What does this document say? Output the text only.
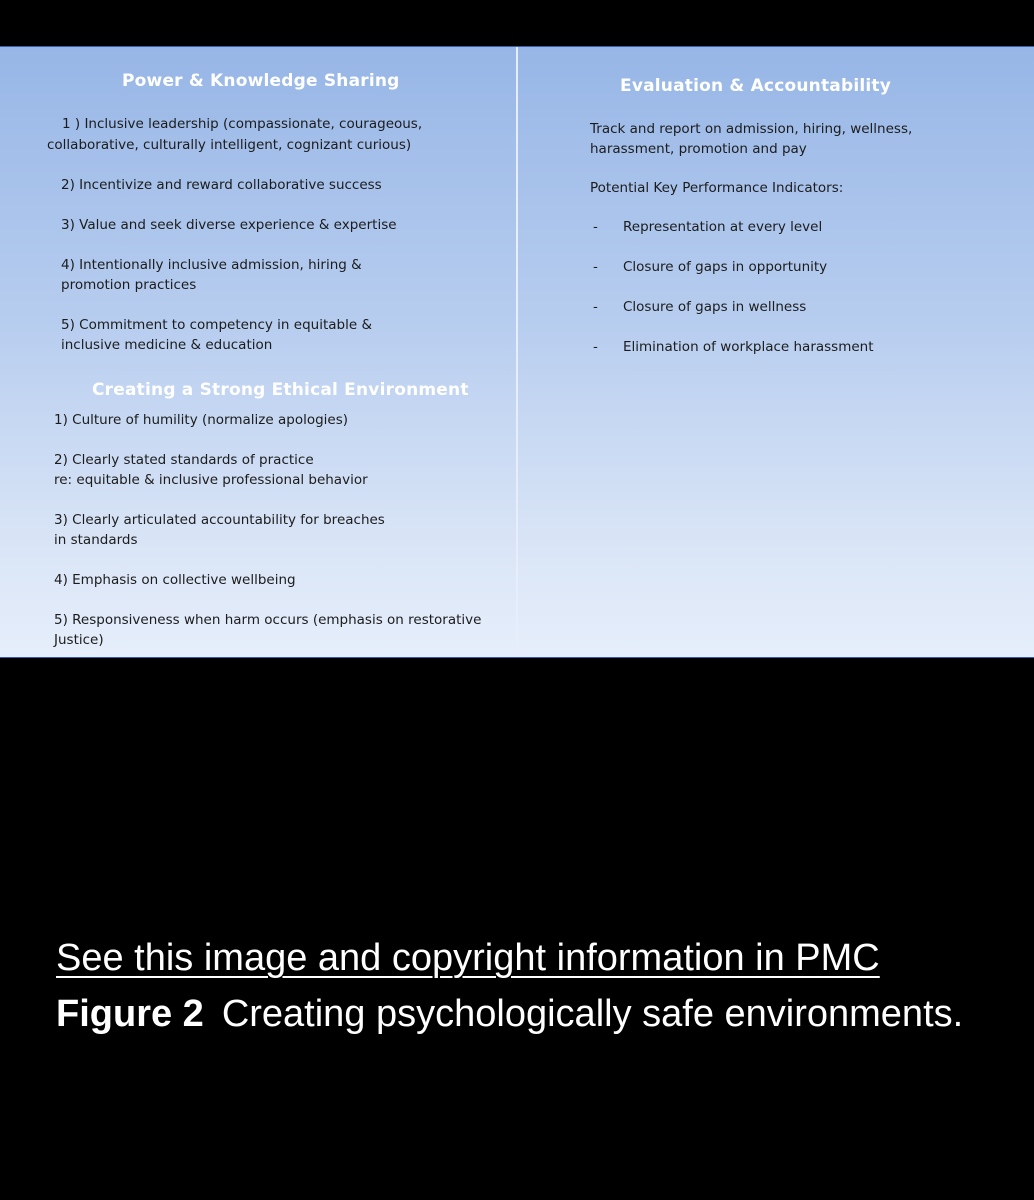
Power & Knowledge Sharing
1 ) Inclusive leadership (compassionate, courageous,
collaborative, culturally intelligent, cognizant curious)
2) Incentivize and reward collaborative success
3) Value and seek diverse experience & expertise
4) Intentionally inclusive admission, hiring &
promotion practices
5) Commitment to competency in equitable &
inclusive medicine & education
Creating a Strong Ethical Environment
1) Culture of humility (normalize apologies)
2) Clearly stated standards of practice
re: equitable & inclusive professional behavior
3) Clearly articulated accountability for breaches
in standards
4) Emphasis on collective wellbeing
5) Responsiveness when harm occurs (emphasis on restorative
Justice)
Evaluation & Accountability
Track and report on admission, hiring, wellness,
harassment, promotion and pay
Potential Key Performance Indicators:
- Representation at every level
- Closure of gaps in opportunity
- Closure of gaps in wellness
- Elimination of workplace harassment
See this image and copyright information in PMC
Figure 2 Creating psychologically safe environments.
